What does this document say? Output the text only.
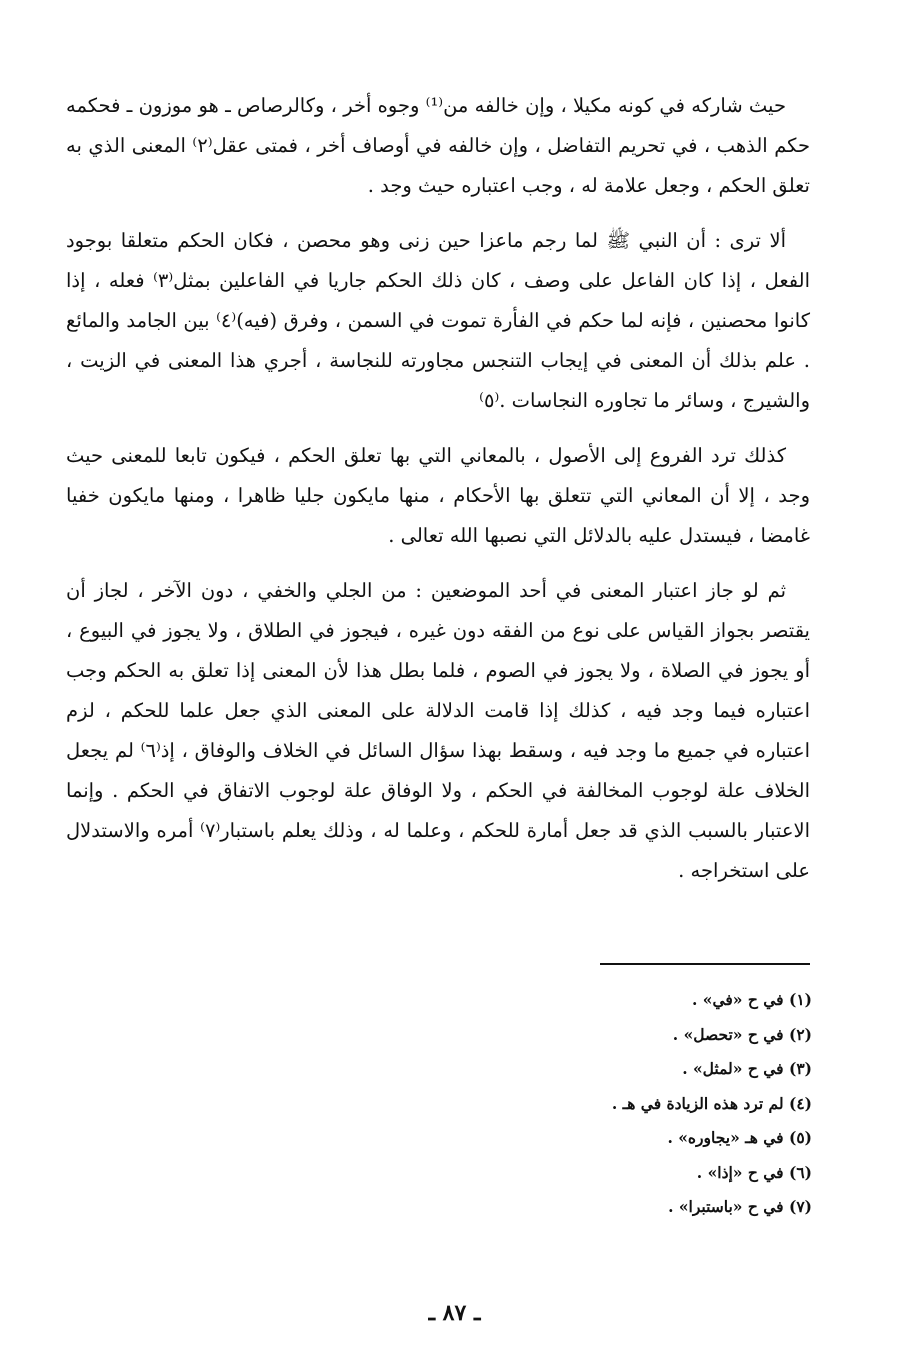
حيث شاركه في كونه مكيلا ، وإن خالفه من⁽¹⁾ وجوه أخر ، وكالرصاص ـ هو موزون ـ فحكمه حكم الذهب ، في تحريم التفاضل ، وإن خالفه في أوصاف أخر ، فمتى عقل⁽٢⁾ المعنى الذي به تعلق الحكم ، وجعل علامة له ، وجب اعتباره حيث وجد .

ألا ترى : أن النبي ﷺ لما رجم ماعزا حين زنى وهو محصن ، فكان الحكم متعلقا بوجود الفعل ، إذا كان الفاعل على وصف ، كان ذلك الحكم جاريا في الفاعلين بمثل⁽٣⁾ فعله ، إذا كانوا محصنين ، فإنه لما حكم في الفأرة تموت في السمن ، وفرق (فيه)⁽٤⁾ بين الجامد والمائع . علم بذلك أن المعنى في إيجاب التنجس مجاورته للنجاسة ، أجري هذا المعنى في الزيت ، والشيرج ، وسائر ما تجاوره النجاسات .⁽٥⁾

كذلك ترد الفروع إلى الأصول ، بالمعاني التي بها تعلق الحكم ، فيكون تابعا للمعنى حيث وجد ، إلا أن المعاني التي تتعلق بها الأحكام ، منها مايكون جليا ظاهرا ، ومنها مايكون خفيا غامضا ، فيستدل عليه بالدلائل التي نصبها الله تعالى .

ثم لو جاز اعتبار المعنى في أحد الموضعين : من الجلي والخفي ، دون الآخر ، لجاز أن يقتصر بجواز القياس على نوع من الفقه دون غيره ، فيجوز في الطلاق ، ولا يجوز في البيوع ، أو يجوز في الصلاة ، ولا يجوز في الصوم ، فلما بطل هذا لأن المعنى إذا تعلق به الحكم وجب اعتباره فيما وجد فيه ، كذلك إذا قامت الدلالة على المعنى الذي جعل علما للحكم ، لزم اعتباره في جميع ما وجد فيه ، وسقط بهذا سؤال السائل في الخلاف والوفاق ، إذ⁽٦⁾ لم يجعل الخلاف علة لوجوب المخالفة في الحكم ، ولا الوفاق علة لوجوب الاتفاق في الحكم . وإنما الاعتبار بالسبب الذي قد جعل أمارة للحكم ، وعلما له ، وذلك يعلم باستبار⁽٧⁾ أمره والاستدلال على استخراجه .

(١) في ح «في» .
(٢) في ح «تحصل» .
(٣) في ح «لمثل» .
(٤) لم ترد هذه الزيادة في هـ .
(٥) في هـ «يجاوره» .
(٦) في ح «إذا» .
(٧) في ح «باستبرا» .
ـ ٨٧ ـ
